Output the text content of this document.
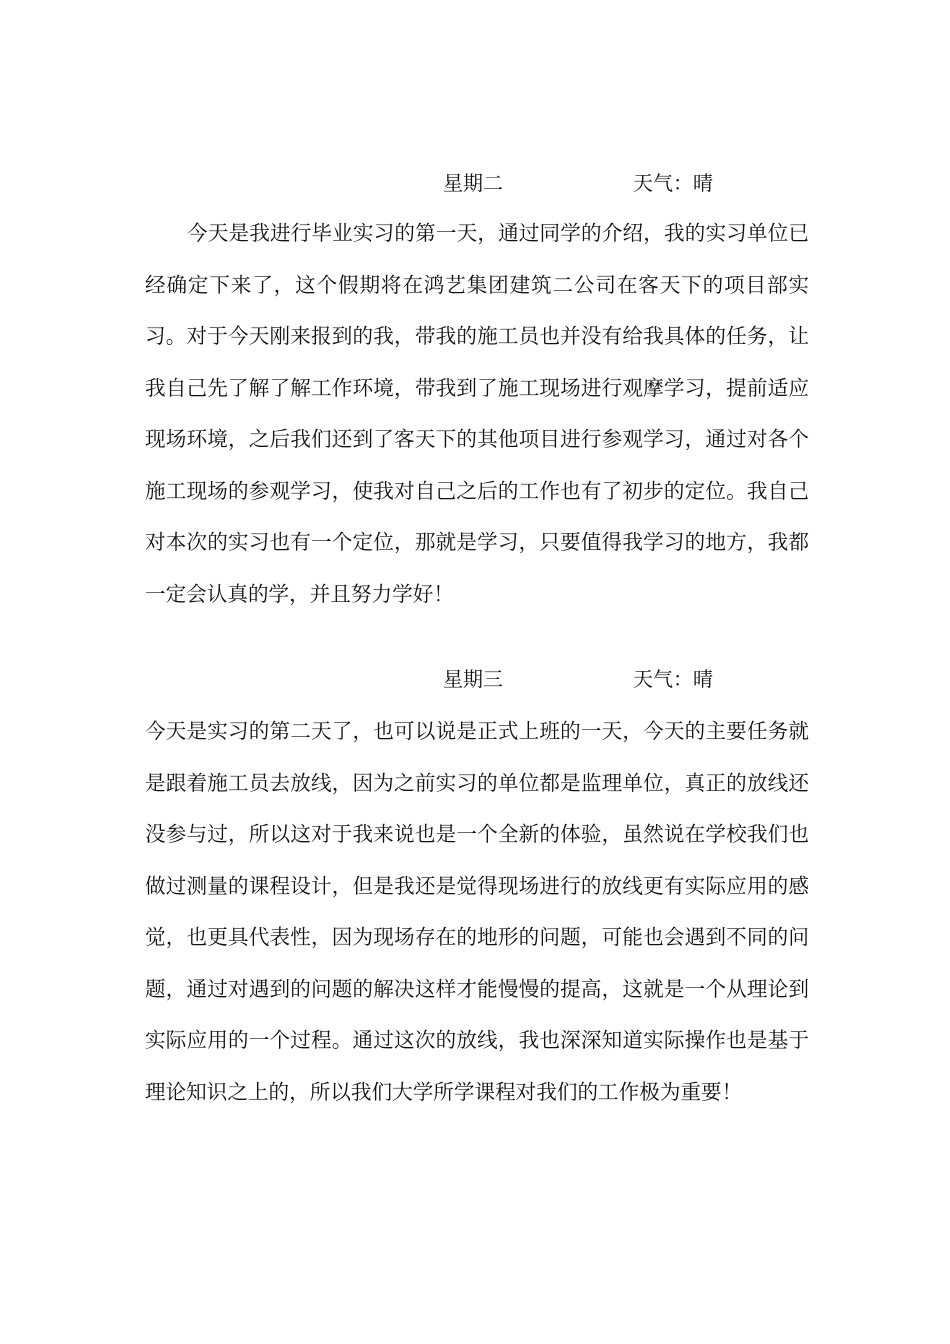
星期二	天气：晴

今天是我进行毕业实习的第一天，通过同学的介绍，我的实习单位已经确定下来了，这个假期将在鸿艺集团建筑二公司在客天下的项目部实习。对于今天刚来报到的我，带我的施工员也并没有给我具体的任务，让我自己先了解了解工作环境，带我到了施工现场进行观摩学习，提前适应现场环境，之后我们还到了客天下的其他项目进行参观学习，通过对各个施工现场的参观学习，使我对自己之后的工作也有了初步的定位。我自己对本次的实习也有一个定位，那就是学习，只要值得我学习的地方，我都一定会认真的学，并且努力学好！

星期三	天气：晴

今天是实习的第二天了，也可以说是正式上班的一天，今天的主要任务就是跟着施工员去放线，因为之前实习的单位都是监理单位，真正的放线还没参与过，所以这对于我来说也是一个全新的体验，虽然说在学校我们也做过测量的课程设计，但是我还是觉得现场进行的放线更有实际应用的感觉，也更具代表性，因为现场存在的地形的问题，可能也会遇到不同的问题，通过对遇到的问题的解决这样才能慢慢的提高，这就是一个从理论到实际应用的一个过程。通过这次的放线，我也深深知道实际操作也是基于理论知识之上的，所以我们大学所学课程对我们的工作极为重要！
